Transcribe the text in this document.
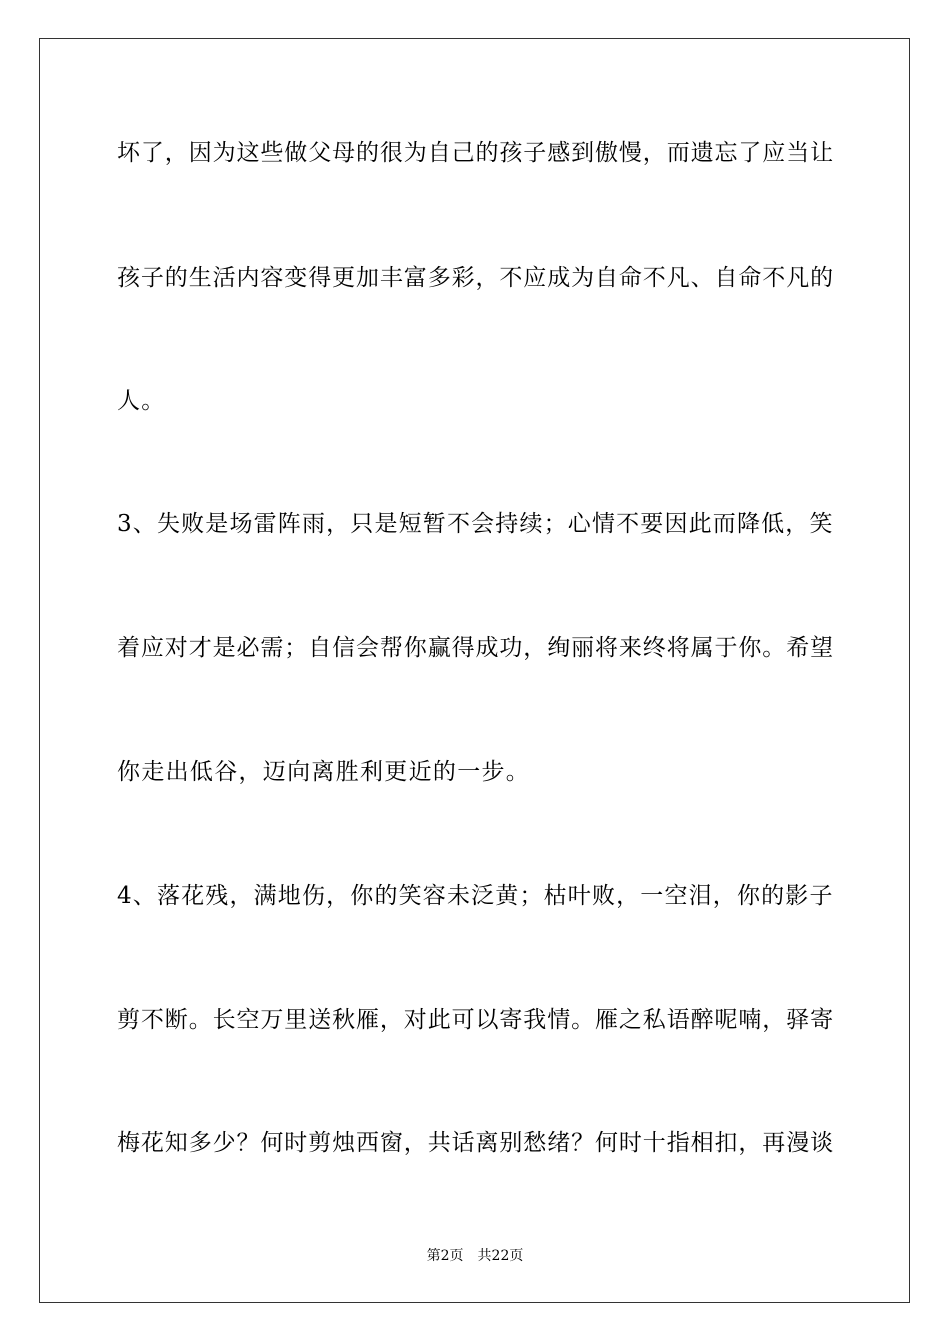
坏了，因为这些做父母的很为自己的孩子感到傲慢，而遗忘了应当让
孩子的生活内容变得更加丰富多彩，不应成为自命不凡、自命不凡的
人。
3、失败是场雷阵雨，只是短暂不会持续；心情不要因此而降低，笑
着应对才是必需；自信会帮你赢得成功，绚丽将来终将属于你。希望
你走出低谷，迈向离胜利更近的一步。
4、落花残，满地伤，你的笑容未泛黄；枯叶败，一空泪，你的影子
剪不断。长空万里送秋雁，对此可以寄我情。雁之私语醉呢喃，驿寄
梅花知多少？何时剪烛西窗，共话离别愁绪？何时十指相扣，再漫谈
第2页　共22页
